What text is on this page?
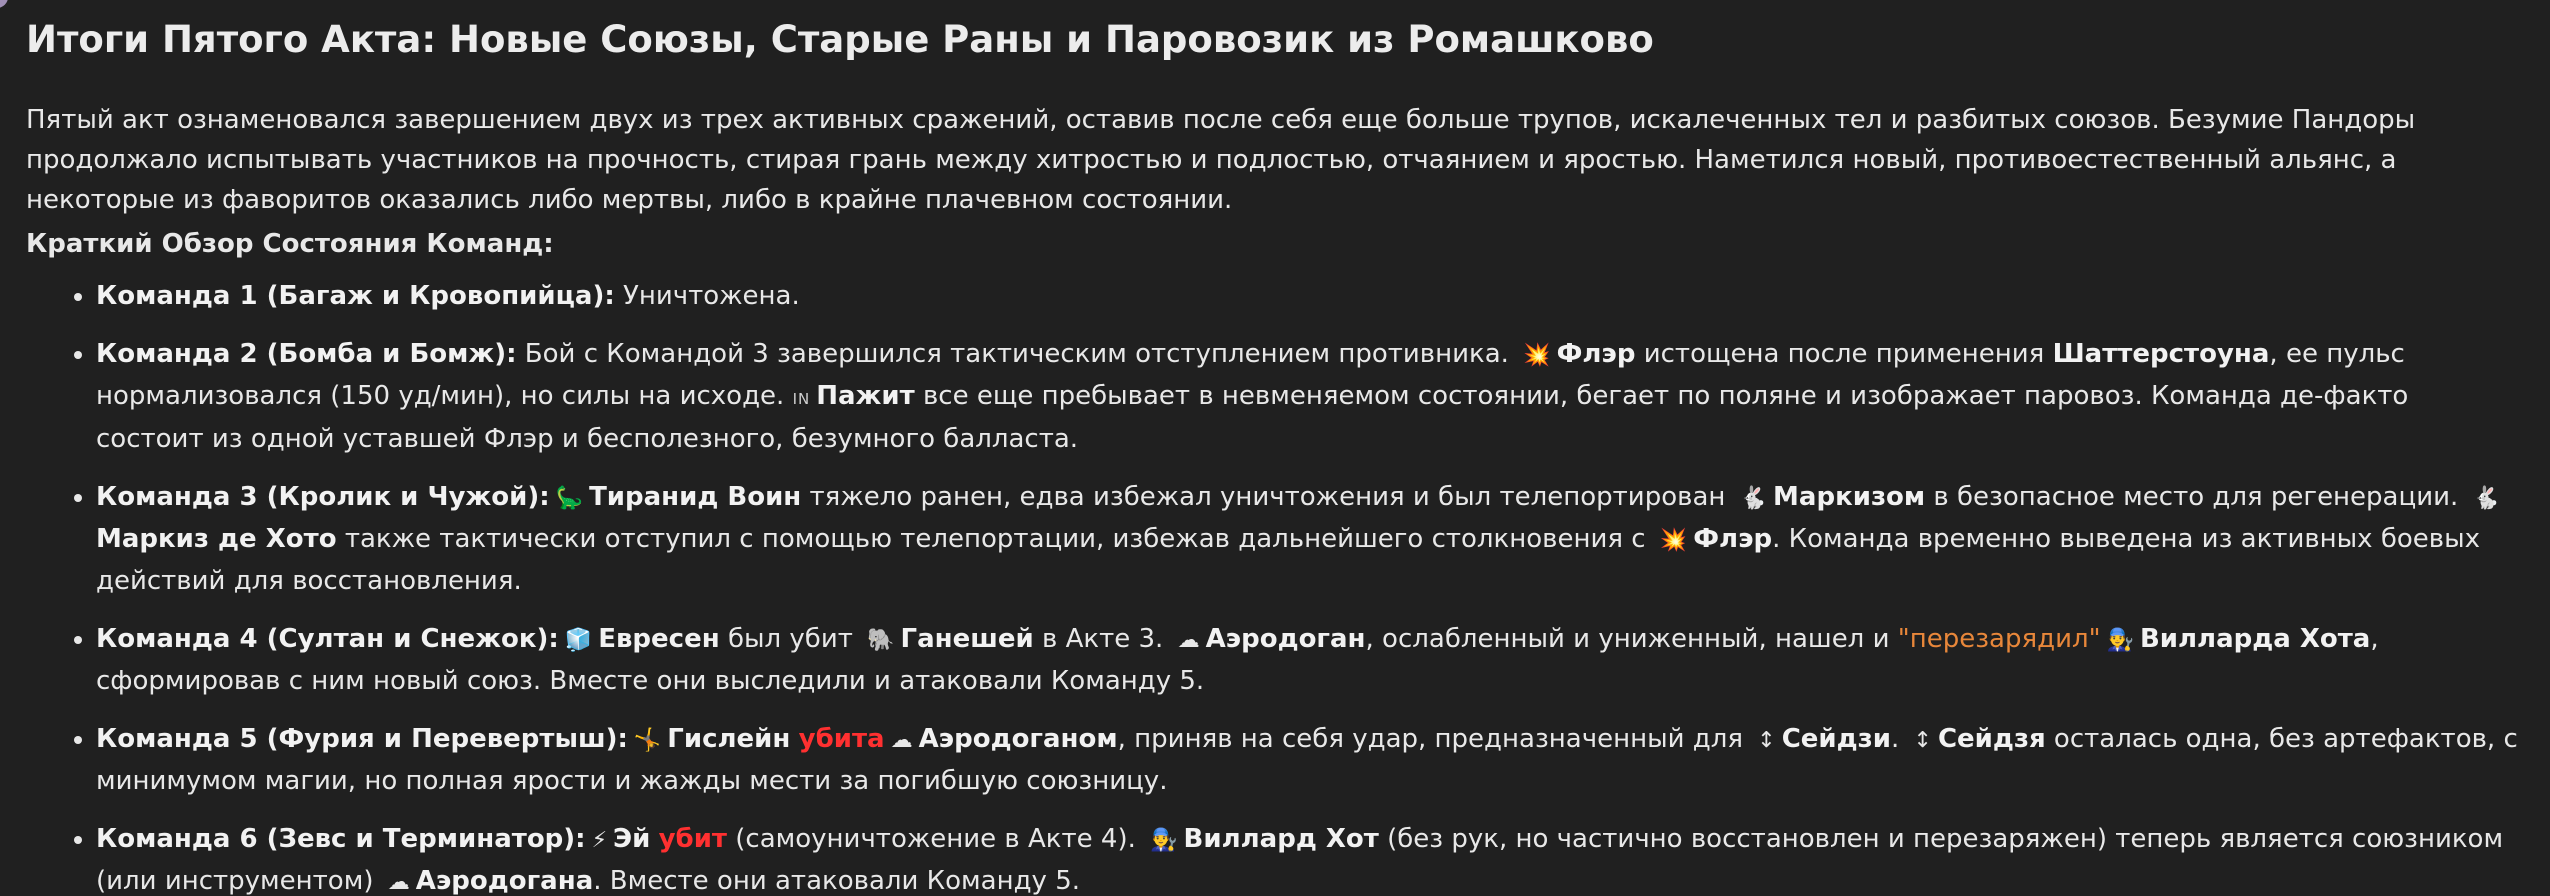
Итоги Пятого Акта: Новые Союзы, Старые Раны и Паровозик из Ромашково

Пятый акт ознаменовался завершением двух из трех активных сражений, оставив после себя еще больше трупов, искалеченных тел и разбитых союзов. Безумие Пандоры продолжало испытывать участников на прочность, стирая грань между хитростью и подлостью, отчаянием и яростью. Наметился новый, противоестественный альянс, а некоторые из фаворитов оказались либо мертвы, либо в крайне плачевном состоянии.

Краткий Обзор Состояния Команд:

• Команда 1 (Багаж и Кровопийца): Уничтожена.
• Команда 2 (Бомба и Бомж): Бой с Командой 3 завершился тактическим отступлением противника. 💥 Флэр истощена после применения Шаттерстоуна, ее пульс нормализовался (150 уд/мин), но силы на исходе. IN Пажит все еще пребывает в невменяемом состоянии, бегает по поляне и изображает паровоз. Команда де-факто состоит из одной уставшей Флэр и бесполезного, безумного балласта.
• Команда 3 (Кролик и Чужой): 🦕 Тиранид Воин тяжело ранен, едва избежал уничтожения и был телепортирован 🐇 Маркизом в безопасное место для регенерации. 🐇Маркиз де Хото также тактически отступил с помощью телепортации, избежав дальнейшего столкновения с 💥 Флэр. Команда временно выведена из активных боевых действий для восстановления.
• Команда 4 (Султан и Снежок): 🧊 Евресен был убит 🐘 Ганешей в Акте 3. ☁ Аэродоган, ослабленный и униженный, нашел и "перезарядил" 👨‍🔧 Вилларда Хота, сформировав с ним новый союз. Вместе они выследили и атаковали Команду 5.
• Команда 5 (Фурия и Перевертыш): 🤸 Гислейн убита ☁ Аэродоганом, приняв на себя удар, предназначенный для ↕ Сейдзи. ↕ Сейдзя осталась одна, без артефактов, с минимумом магии, но полная ярости и жажды мести за погибшую союзницу.
• Команда 6 (Зевс и Терминатор): ⚡ Эй убит (самоуничтожение в Акте 4). 👨‍🔧 Виллард Хот (без рук, но частично восстановлен и перезаряжен) теперь является союзником (или инструментом) ☁ Аэродогана. Вместе они атаковали Команду 5.
